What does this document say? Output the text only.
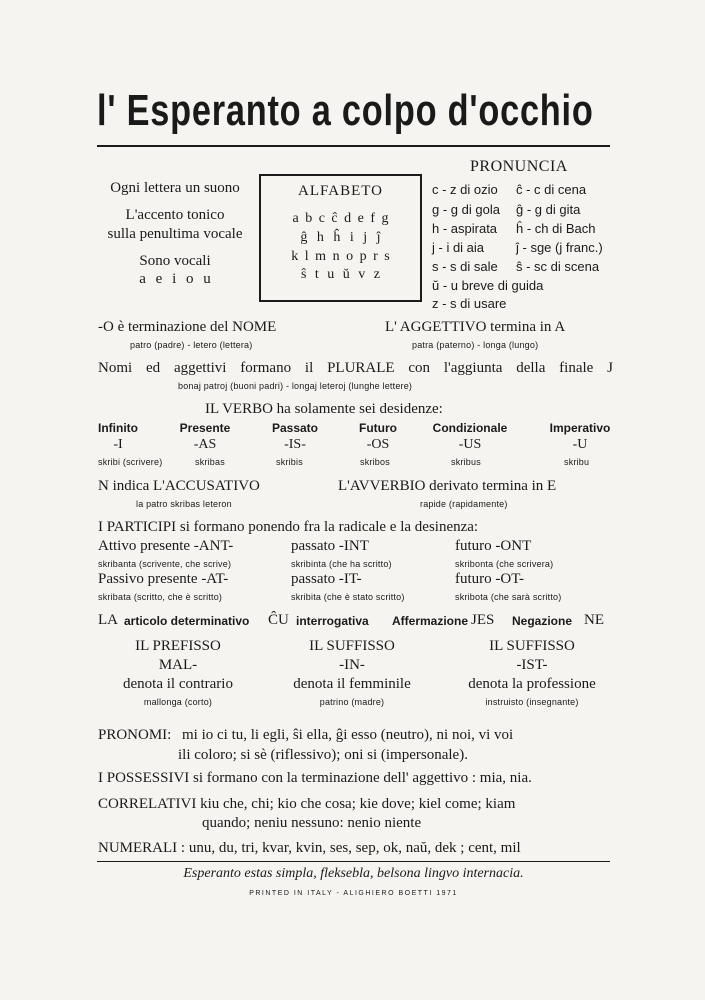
l' Esperanto a colpo d'occhio
Ogni lettera un suono
L'accento tonico
sulla penultima vocale
Sono vocali
a e i o u
ALFABETO
a b c ĉ d e f g
ĝ h ĥ i j ĵ
k l m n o p r s
ŝ t u ŭ v z
PRONUNCIA
c - z di ozio ĉ - c di cena
g - g di gola ĝ - g di gita
h - aspirata ĥ - ch di Bach
j - i di aia ĵ - sge (j franc.)
s - s di sale ŝ - sc di scena
ŭ - u breve di guida
z - s di usare
-O è terminazione del NOME
patro (padre) - letero (lettera)
L' AGGETTIVO termina in A
patra (paterno) - longa (lungo)
Nomi ed aggettivi formano il PLURALE con l'aggiunta della finale J
bonaj patroj (buoni padri) - longaj leteroj (lunghe lettere)
IL VERBO ha solamente sei desidenze:
Infinito
-I
skribi (scrivere)
Presente
-AS
skribas
Passato
-IS-
skribis
Futuro
-OS
skribos
Condizionale
-US
skribus
Imperativo
-U
skribu
N indica L'ACCUSATIVO
la patro skribas leteron
L'AVVERBIO derivato termina in E
rapide (rapidamente)
I PARTICIPI si formano ponendo fra la radicale e la desinenza:
Attivo presente -ANT-
skribanta (scrivente, che scrive)
passato -INT
skribinta (che ha scritto)
futuro -ONT
skribonta (che scrivera)
Passivo presente -AT-
skribata (scritto, che è scritto)
passato -IT-
skribita (che è stato scritto)
futuro -OT-
skribota (che sarà scritto)
LA articolo determinativo ĈU interrogativa Affermazione JES Negazione NE
IL PREFISSO
MAL-
denota il contrario
mallonga (corto)
IL SUFFISSO
-IN-
denota il femminile
patrino (madre)
IL SUFFISSO
-IST-
denota la professione
instruisto (insegnante)
PRONOMI: mi io ci tu, li egli, ŝi ella, ĝi esso (neutro), ni noi, vi voi
ili coloro; si sè (riflessivo); oni si (impersonale).
I POSSESSIVI si formano con la terminazione dell' aggettivo : mia, nia.
CORRELATIVI kiu che, chi; kio che cosa; kie dove; kiel come; kiam
quando; neniu nessuno: nenio niente
NUMERALI : unu, du, tri, kvar, kvin, ses, sep, ok, naŭ, dek ; cent, mil
Esperanto estas simpla, fleksebla, belsona lingvo internacia.
PRINTED IN ITALY - ALIGHIERO BOETTI 1971
